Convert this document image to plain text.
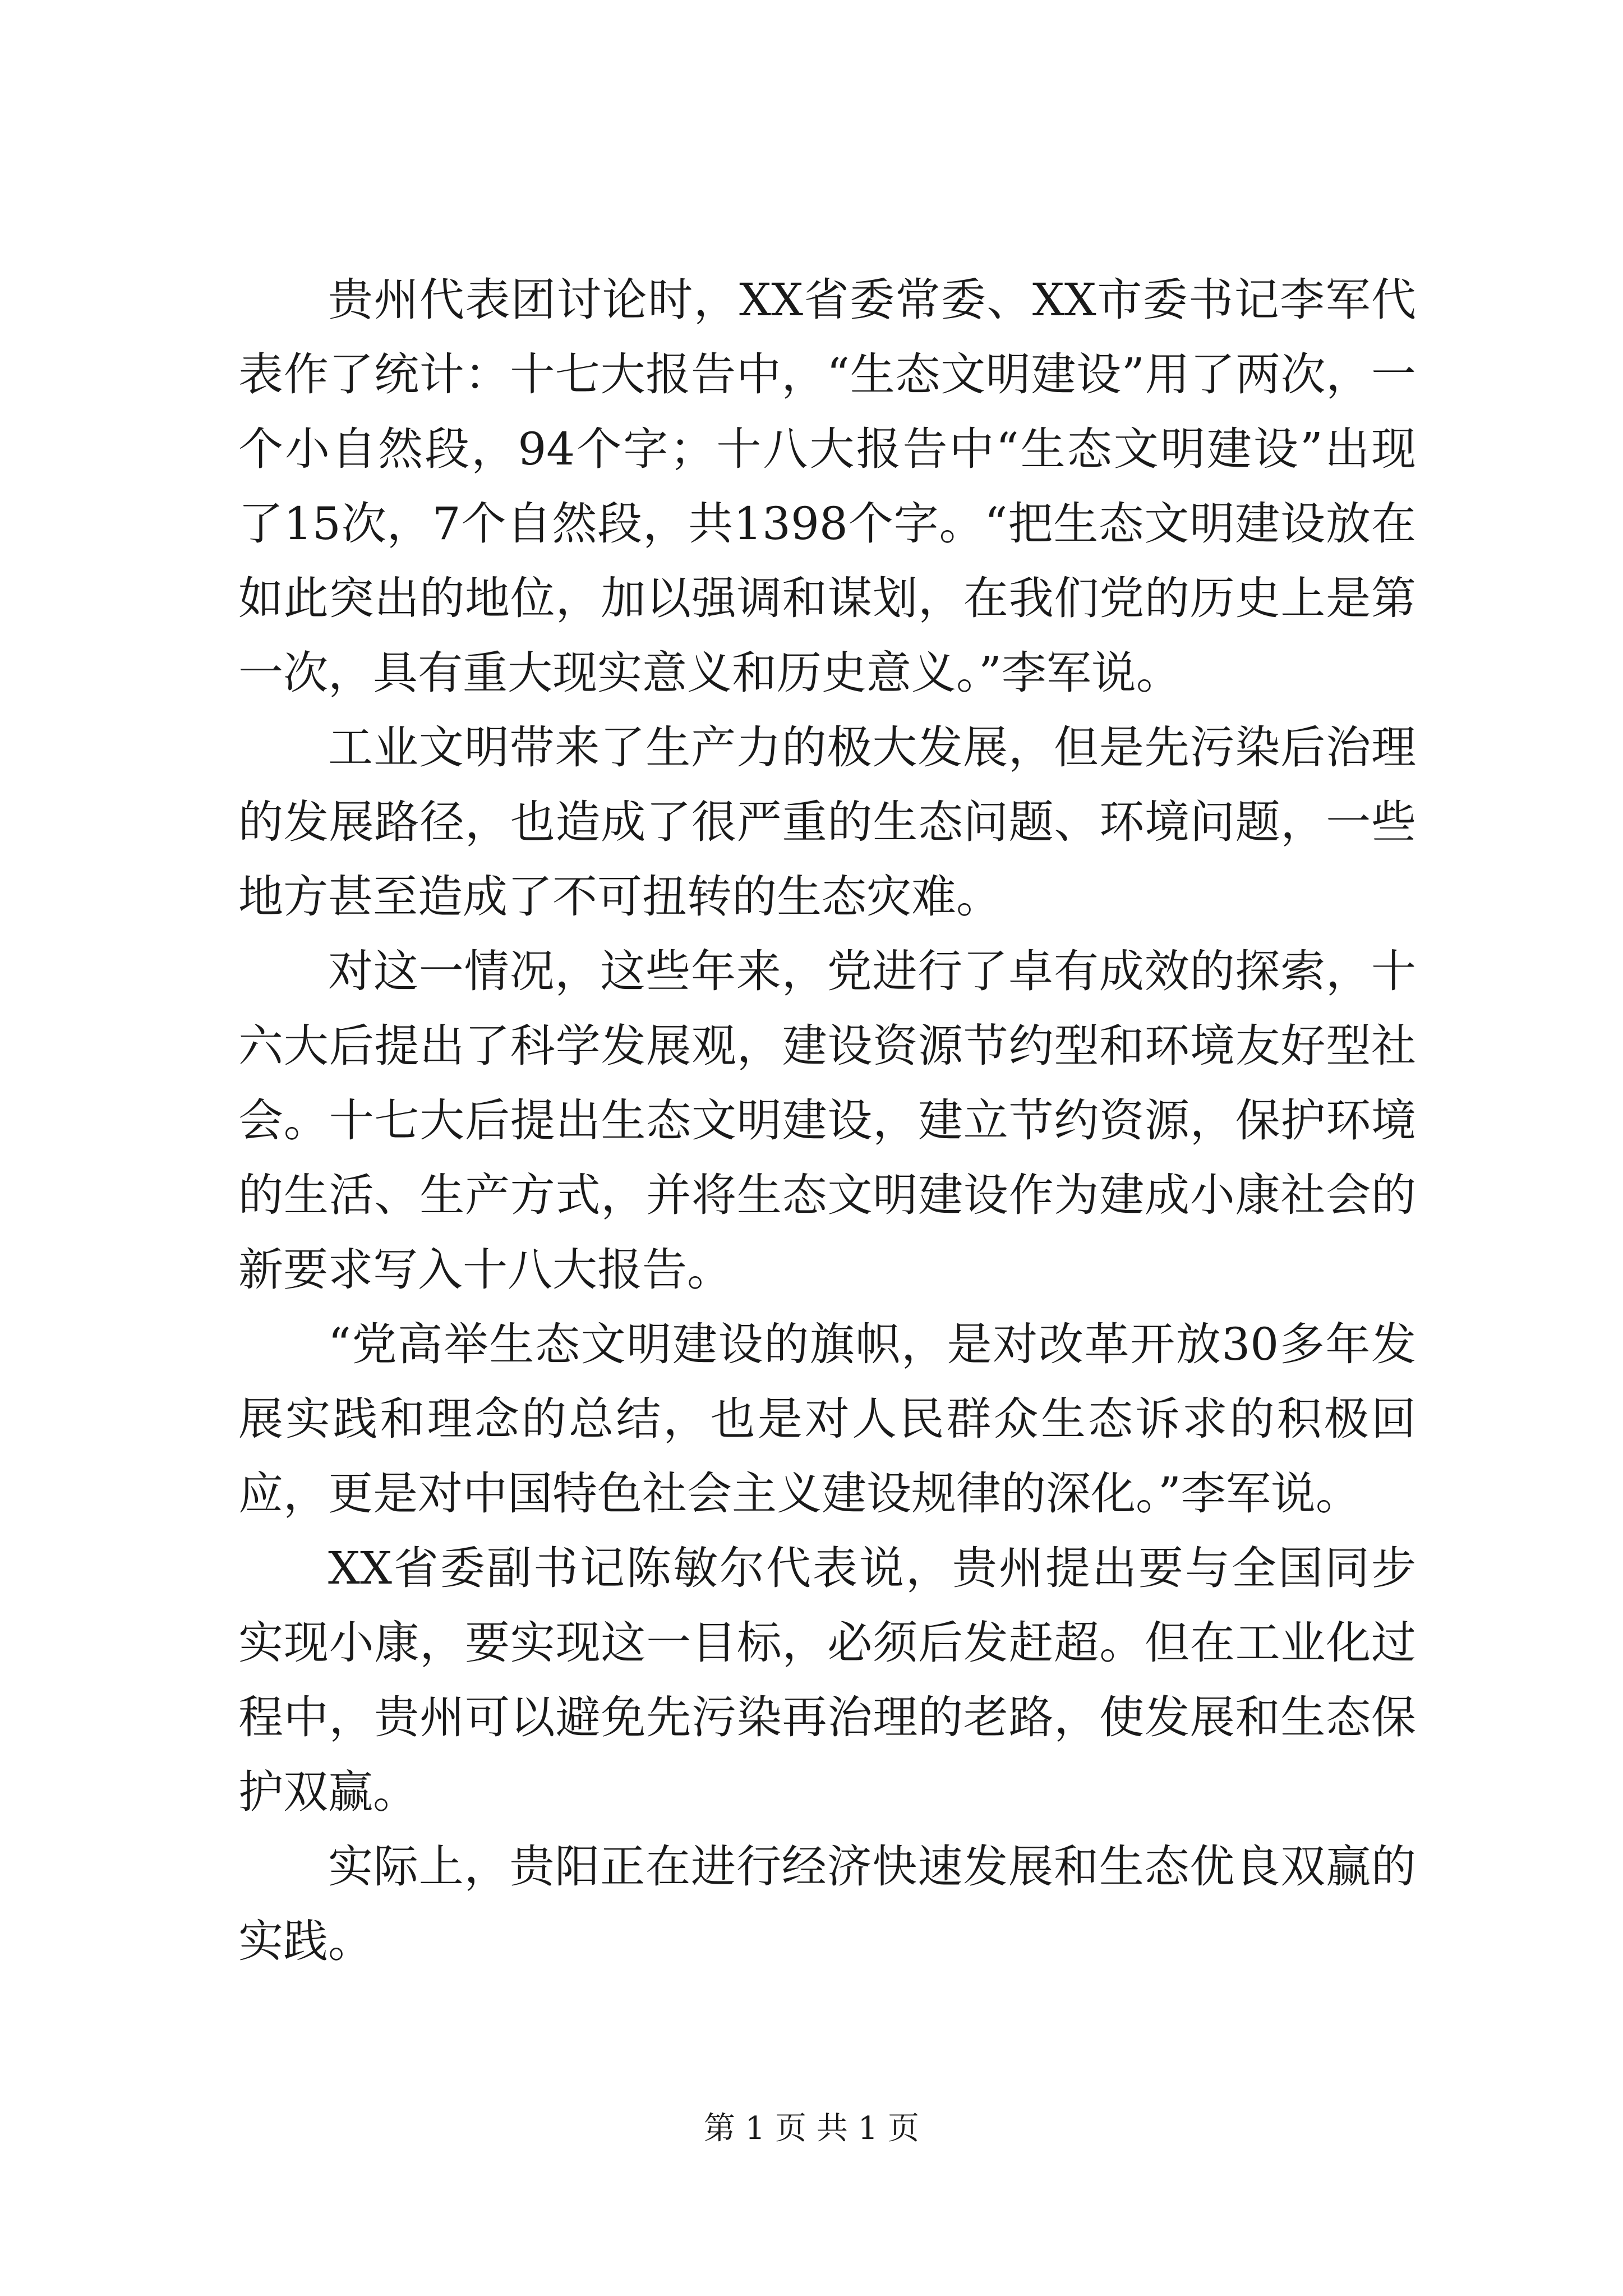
贵州代表团讨论时，XX省委常委、XX市委书记李军代表作了统计：十七大报告中，“生态文明建设”用了两次，一个小自然段，94个字；十八大报告中“生态文明建设”出现了15次，7个自然段，共1398个字。“把生态文明建设放在如此突出的地位，加以强调和谋划，在我们党的历史上是第一次，具有重大现实意义和历史意义。”李军说。

工业文明带来了生产力的极大发展，但是先污染后治理的发展路径，也造成了很严重的生态问题、环境问题，一些地方甚至造成了不可扭转的生态灾难。

对这一情况，这些年来，党进行了卓有成效的探索，十六大后提出了科学发展观，建设资源节约型和环境友好型社会。十七大后提出生态文明建设，建立节约资源，保护环境的生活、生产方式，并将生态文明建设作为建成小康社会的新要求写入十八大报告。

“党高举生态文明建设的旗帜，是对改革开放30多年发展实践和理念的总结，也是对人民群众生态诉求的积极回应，更是对中国特色社会主义建设规律的深化。”李军说。

XX省委副书记陈敏尔代表说，贵州提出要与全国同步实现小康，要实现这一目标，必须后发赶超。但在工业化过程中，贵州可以避免先污染再治理的老路，使发展和生态保护双赢。

实际上，贵阳正在进行经济快速发展和生态优良双赢的实践。

第 1 页 共 1 页
